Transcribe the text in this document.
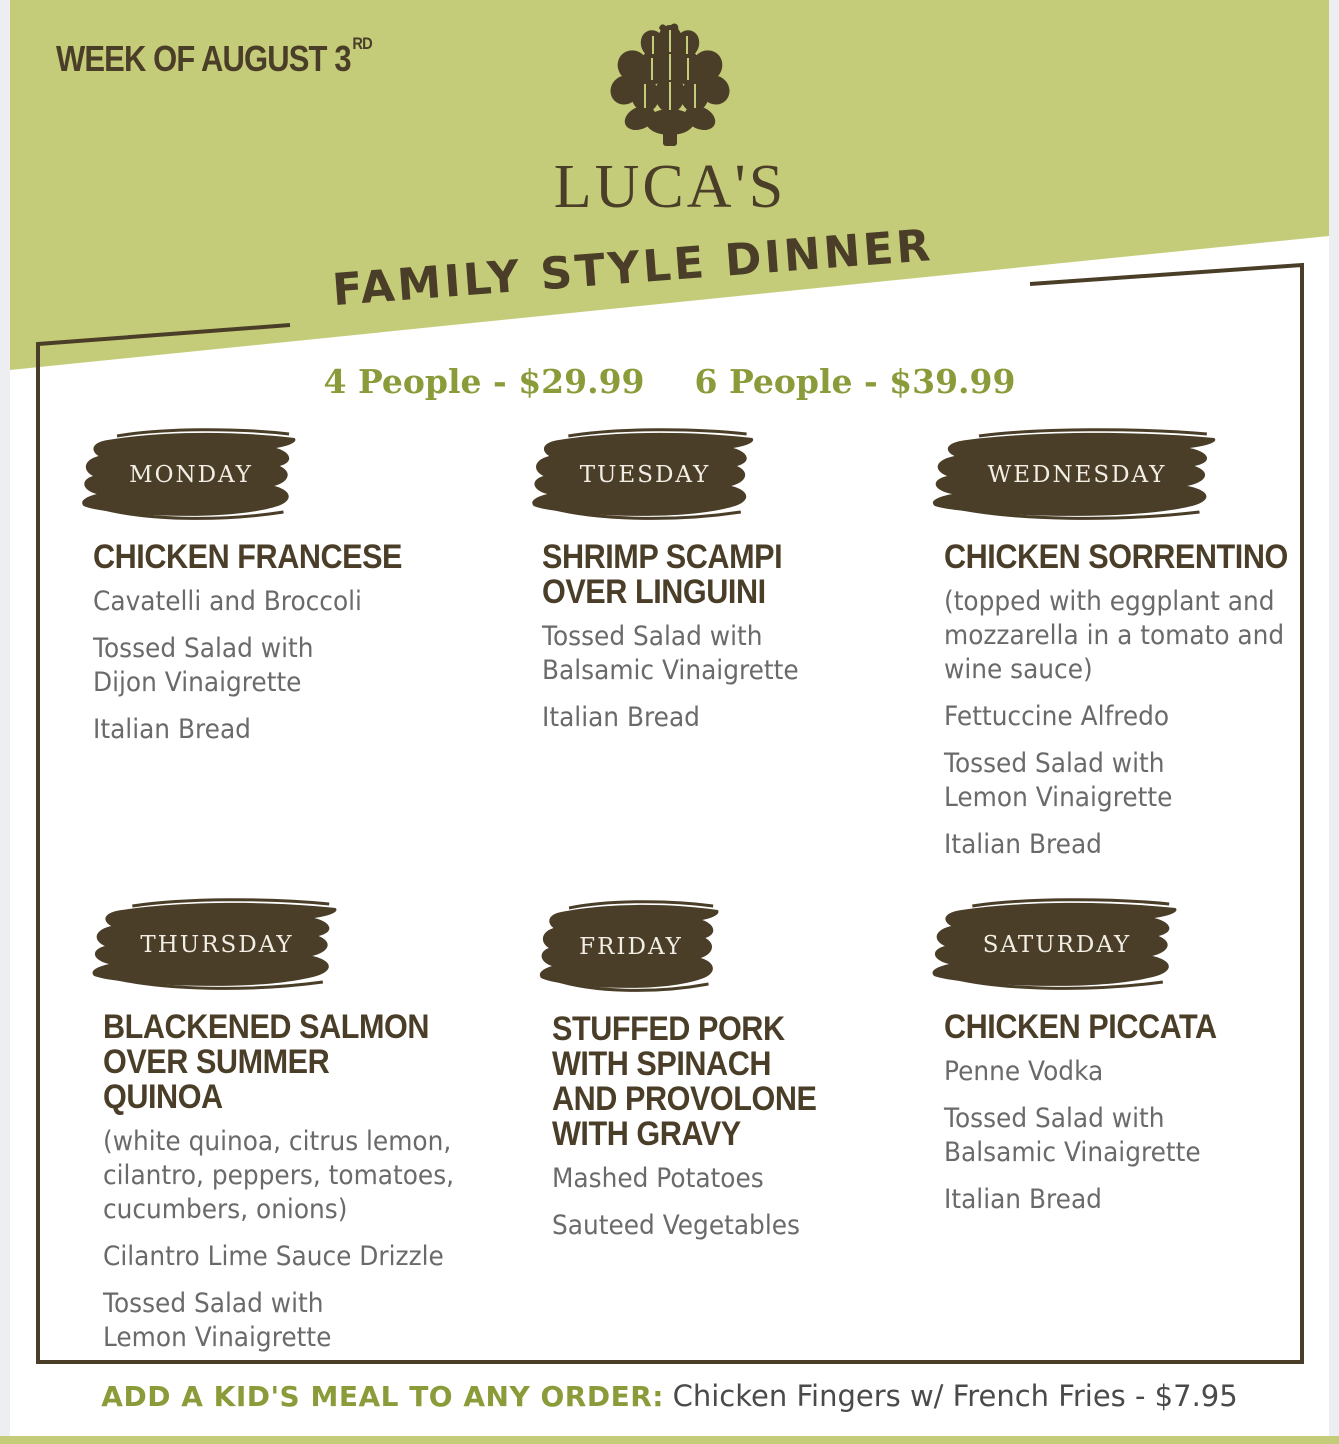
WEEK OF AUGUST 3 $^{RD}$
LUCA'S
FAMILY STYLE DINNER
4 People - $29.99 6 People - $39.99
MONDAY
CHICKEN FRANCESE
Cavatelli and Broccoli
Tossed Salad with Dijon Vinaigrette
Italian Bread
TUESDAY
SHRIMP SCAMPI OVER LINGUINI
Tossed Salad with Balsamic Vinaigrette
Italian Bread
WEDNESDAY
CHICKEN SORRENTINO
(topped with eggplant and mozzarella in a tomato and wine sauce)
Fettuccine Alfredo
Tossed Salad with Lemon Vinaigrette
Italian Bread
THURSDAY
BLACKENED SALMON OVER SUMMER QUINOA
(white quinoa, citrus lemon, cilantro, peppers, tomatoes, cucumbers, onions)
Cilantro Lime Sauce Drizzle
Tossed Salad with Lemon Vinaigrette
FRIDAY
STUFFED PORK WITH SPINACH AND PROVOLONE WITH GRAVY
Mashed Potatoes
Sauteed Vegetables
SATURDAY
CHICKEN PICCATA
Penne Vodka
Tossed Salad with Balsamic Vinaigrette
Italian Bread
ADD A KID'S MEAL TO ANY ORDER: Chicken Fingers w/ French Fries - $7.95
